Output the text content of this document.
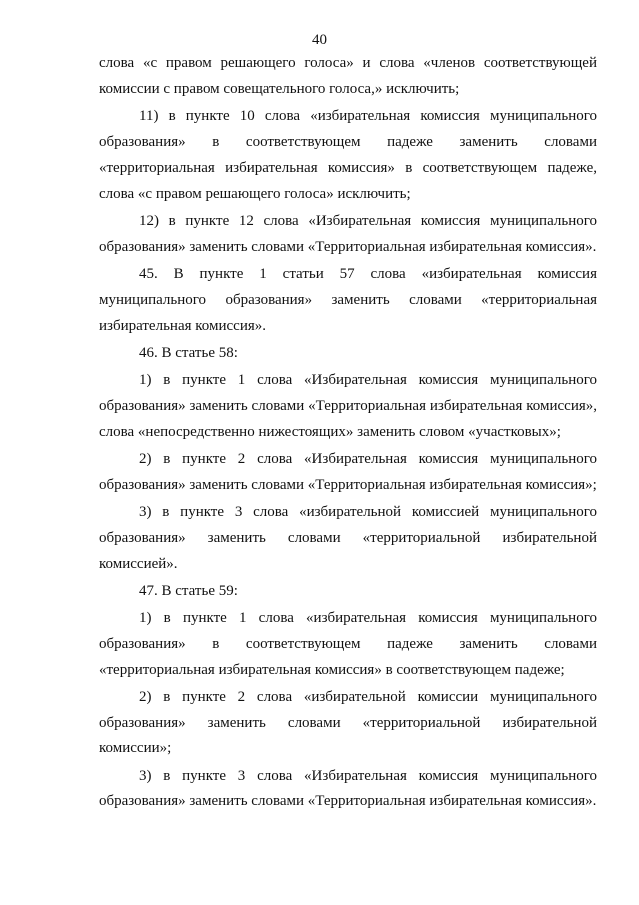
40

слова «с правом решающего голоса» и слова «членов соответствующей комиссии с правом совещательного голоса,» исключить;

11) в пункте 10 слова «избирательная комиссия муниципального образования» в соответствующем падеже заменить словами «территориальная избирательная комиссия» в соответствующем падеже, слова «с правом решающего голоса» исключить;

12) в пункте 12 слова «Избирательная комиссия муниципального образования» заменить словами «Территориальная избирательная комиссия».

45. В пункте 1 статьи 57 слова «избирательная комиссия муниципального образования» заменить словами «территориальная избирательная комиссия».

46. В статье 58:

1) в пункте 1 слова «Избирательная комиссия муниципального образования» заменить словами «Территориальная избирательная комиссия», слова «непосредственно нижестоящих» заменить словом «участковых»;

2) в пункте 2 слова «Избирательная комиссия муниципального образования» заменить словами «Территориальная избирательная комиссия»;

3) в пункте 3 слова «избирательной комиссией муниципального образования» заменить словами «территориальной избирательной комиссией».

47. В статье 59:

1) в пункте 1 слова «избирательная комиссия муниципального образования» в соответствующем падеже заменить словами «территориальная избирательная комиссия» в соответствующем падеже;

2) в пункте 2 слова «избирательной комиссии муниципального образования» заменить словами «территориальной избирательной комиссии»;

3) в пункте 3 слова «Избирательная комиссия муниципального образования» заменить словами «Территориальная избирательная комиссия».
